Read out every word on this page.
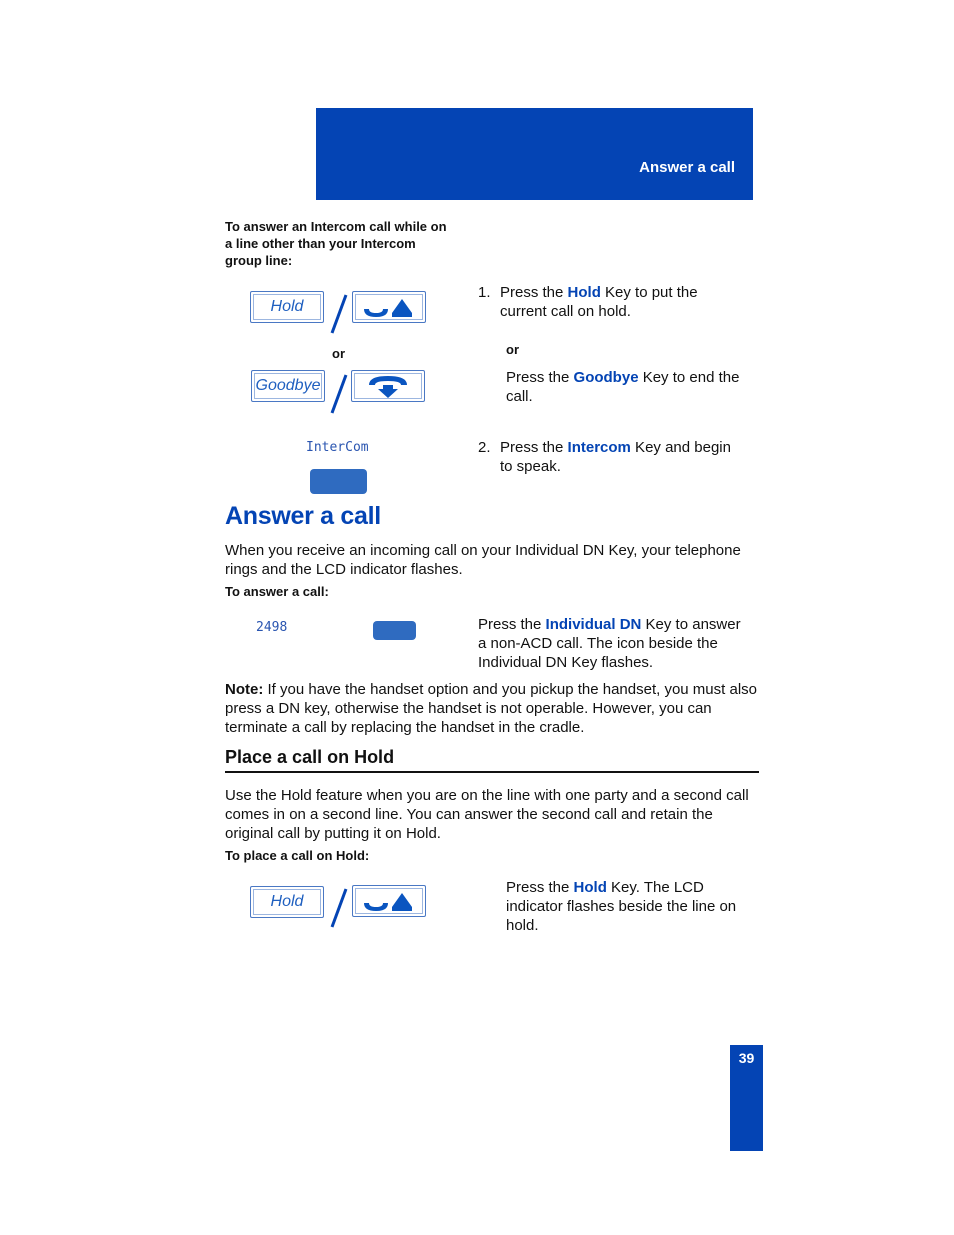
Answer a call
To answer an Intercom call while on a line other than your Intercom group line:
Hold
or
Goodbye
InterCom
1. Press the Hold Key to put the current call on hold.
or
Press the Goodbye Key to end the call.
2. Press the Intercom Key and begin to speak.
Answer a call
When you receive an incoming call on your Individual DN Key, your telephone rings and the LCD indicator flashes.
To answer a call:
2498	Press the Individual DN Key to answer a non-ACD call. The icon beside the Individual DN Key flashes.
Note: If you have the handset option and you pickup the handset, you must also press a DN key, otherwise the handset is not operable. However, you can terminate a call by replacing the handset in the cradle.
Place a call on Hold
Use the Hold feature when you are on the line with one party and a second call comes in on a second line. You can answer the second call and retain the original call by putting it on Hold.
To place a call on Hold:
Hold
Press the Hold Key. The LCD indicator flashes beside the line on hold.
39
